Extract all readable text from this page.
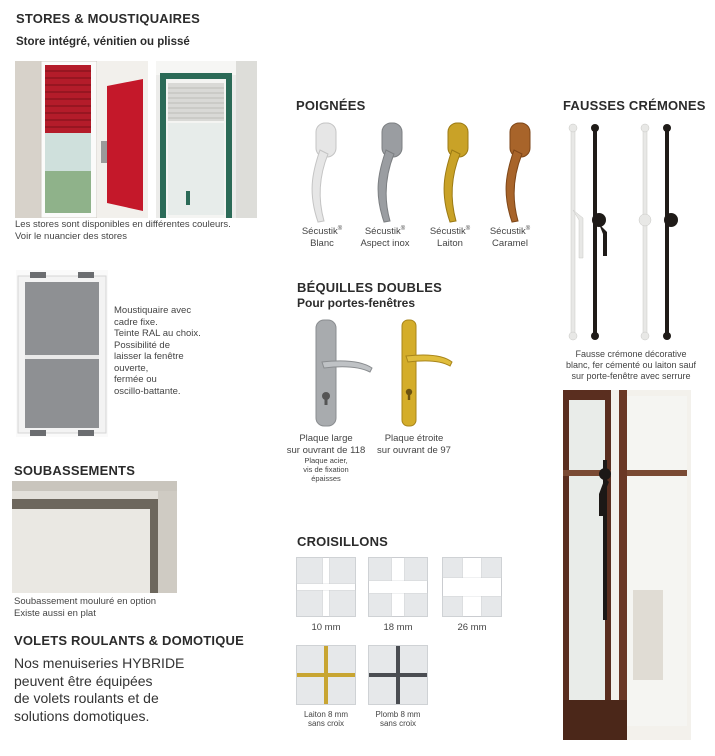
STORES & MOUSTIQUAIRES
Store intégré, vénitien ou plissé
Les stores sont disponibles en différentes couleurs.
Voir le nuancier des stores
Moustiquaire avec
cadre fixe.
Teinte RAL au choix.
Possibilité de
laisser la fenêtre
ouverte,
fermée ou
oscillo-battante.
SOUBASSEMENTS
Soubassement mouluré en option
Existe aussi en plat
VOLETS ROULANTS & DOMOTIQUE
Nos menuiseries HYBRIDE
peuvent être équipées
de volets roulants et de
solutions domotiques.
POIGNÉES
Sécustik®
Blanc
Sécustik®
Aspect inox
Sécustik®
Laiton
Sécustik®
Caramel
BÉQUILLES DOUBLES
Pour portes-fenêtres
Plaque large
sur ouvrant de 118
Plaque acier,
vis de fixation
épaisses
Plaque étroite
sur ouvrant de 97
CROISILLONS
10 mm	18 mm	26 mm
Laiton 8 mm
sans croix
Plomb 8 mm
sans croix
FAUSSES CRÉMONES
Fausse crémone décorative
blanc, fer cémenté ou laiton sauf
sur porte-fenêtre avec serrure
